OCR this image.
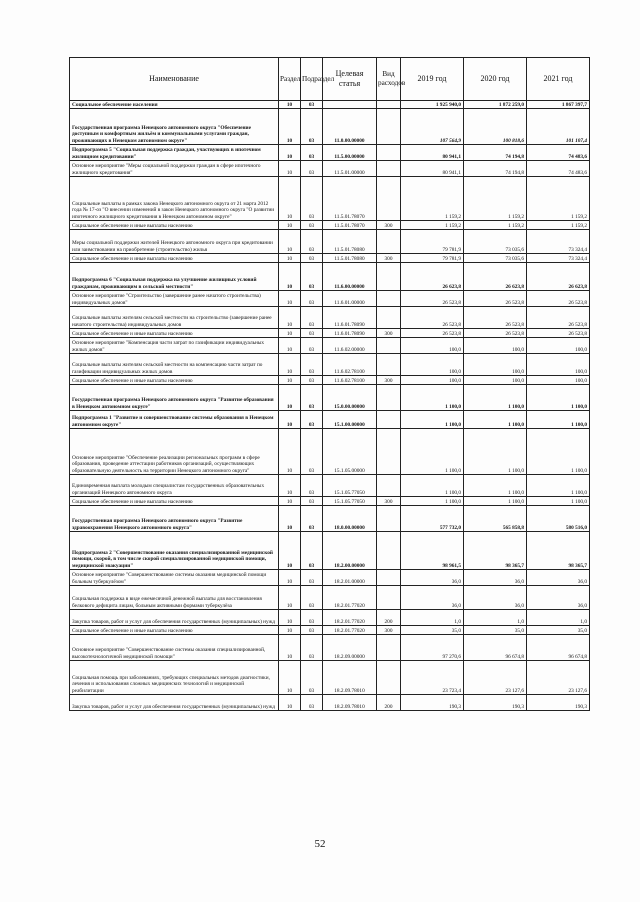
Наименование	Раздел	Подраздел	Целевая статья	Вид расходов	2019 год	2020 год	2021 год
Социальное обеспечение населения	10	03			1 925 940,0	1 872 259,0	1 867 397,7
Государственная программа Ненецкого автономного округа "Обеспечение доступным и комфортным жильём и коммунальными услугами граждан, проживающих в Ненецком автономном округе"	10	03	11.0.00.00000		107 564,9	100 818,6	101 107,4
Подпрограмма 5 "Социальная поддержка граждан, участвующих в ипотечном жилищном кредитовании"	10	03	11.5.00.00000		80 941,1	74 194,8	74 483,6
Основное мероприятие "Меры социальной поддержки граждан в сфере ипотечного жилищного кредитования"	10	03	11.5.01.00000		80 941,1	74 194,8	74 483,6
Социальные выплаты в рамках закона Ненецкого автономного округа от 21 марта 2012 года № 17-оз "О внесении изменений в закон Ненецкого автономного округа "О развитии ипотечного жилищного кредитования в Ненецком автономном округе"	10	03	11.5.01.78070		1 159,2	1 159,2	1 159,2
Социальное обеспечение и иные выплаты населению	10	03	11.5.01.78070	300	1 159,2	1 159,2	1 159,2
Меры социальной поддержки жителей Ненецкого автономного округа при кредитовании или заимствовании на приобретение (строительство) жилья	10	03	11.5.01.78080		79 781,9	73 035,6	73 324,4
Социальное обеспечение и иные выплаты населению	10	03	11.5.01.78080	300	79 781,9	73 035,6	73 324,4
Подпрограмма 6 "Социальная поддержка на улучшение жилищных условий гражданам, проживающим в сельской местности"	10	03	11.6.00.00000		26 623,8	26 623,8	26 623,8
Основное мероприятие "Строительство (завершение ранее начатого строительства) индивидуальных домов"	10	03	11.6.01.00000		26 523,8	26 523,8	26 523,8
Социальные выплаты жителям сельской местности на строительство (завершение ранее начатого строительства) индивидуальных домов	10	03	11.6.01.78090		26 523,8	26 523,8	26 523,8
Социальное обеспечение и иные выплаты населению	10	03	11.6.01.78090	300	26 523,8	26 523,8	26 523,8
Основное мероприятие "Компенсация части затрат по газификации индивидуальных жилых домов"	10	03	11.6.02.00000		100,0	100,0	100,0
Социальные выплаты жителям сельской местности на компенсацию части затрат по газификации индивидуальных жилых домов	10	03	11.6.02.78100		100,0	100,0	100,0
Социальное обеспечение и иные выплаты населению	10	03	11.6.02.78100	300	100,0	100,0	100,0
Государственная программа Ненецкого автономного округа "Развитие образования в Ненецком автономном округе"	10	03	15.0.00.00000		1 100,0	1 100,0	1 100,0
Подпрограмма 1 "Развитие и совершенствование системы образования в Ненецком автономном округе"	10	03	15.1.00.00000		1 100,0	1 100,0	1 100,0
Основное мероприятие "Обеспечение реализации региональных программ в сфере образования, проведение аттестации работников организаций, осуществляющих образовательную деятельность на территории Ненецкого автономного округа"	10	03	15.1.05.00000		1 100,0	1 100,0	1 100,0
Единовременная выплата молодым специалистам государственных образовательных организаций Ненецкого автономного округа	10	03	15.1.05.77050		1 100,0	1 100,0	1 100,0
Социальное обеспечение и иные выплаты населению	10	03	15.1.05.77050	300	1 100,0	1 100,0	1 100,0
Государственная программа Ненецкого автономного округа "Развитие здравоохранения Ненецкого автономного округа"	10	03	18.0.00.00000		577 732,0	565 858,8	580 516,0
Подпрограмма 2 "Совершенствование оказания специализированной медицинской помощи, скорой, в том числе скорой специализированной медицинской помощи, медицинской эвакуации"	10	03	18.2.00.00000		98 961,5	98 365,7	98 365,7
Основное мероприятие "Совершенствование системы оказания медицинской помощи больным туберкулёзом"	10	03	18.2.01.00000		36,0	36,0	36,0
Социальная поддержка в виде ежемесячной денежной выплаты для восстановления белкового дефицита лицам, больным активными формами туберкулёза	10	03	18.2.01.77020		36,0	36,0	36,0
Закупка товаров, работ и услуг для обеспечения государственных (муниципальных) нужд	10	03	18.2.01.77020	200	1,0	1,0	1,0
Социальное обеспечение и иные выплаты населению	10	03	18.2.01.77020	300	35,0	35,0	35,0
Основное мероприятие "Совершенствование системы оказания специализированной, высокотехнологичной медицинской помощи"	10	03	18.2.09.00000		97 270,6	96 674,8	96 674,8
Социальная помощь при заболеваниях, требующих специальных методов диагностики, лечения и использования сложных медицинских технологий и медицинской реабилитации	10	03	18.2.09.78010		23 723,4	23 127,6	23 127,6
Закупка товаров, работ и услуг для обеспечения государственных (муниципальных) нужд	10	03	18.2.09.78010	200	190,3	190,3	190,3
52
